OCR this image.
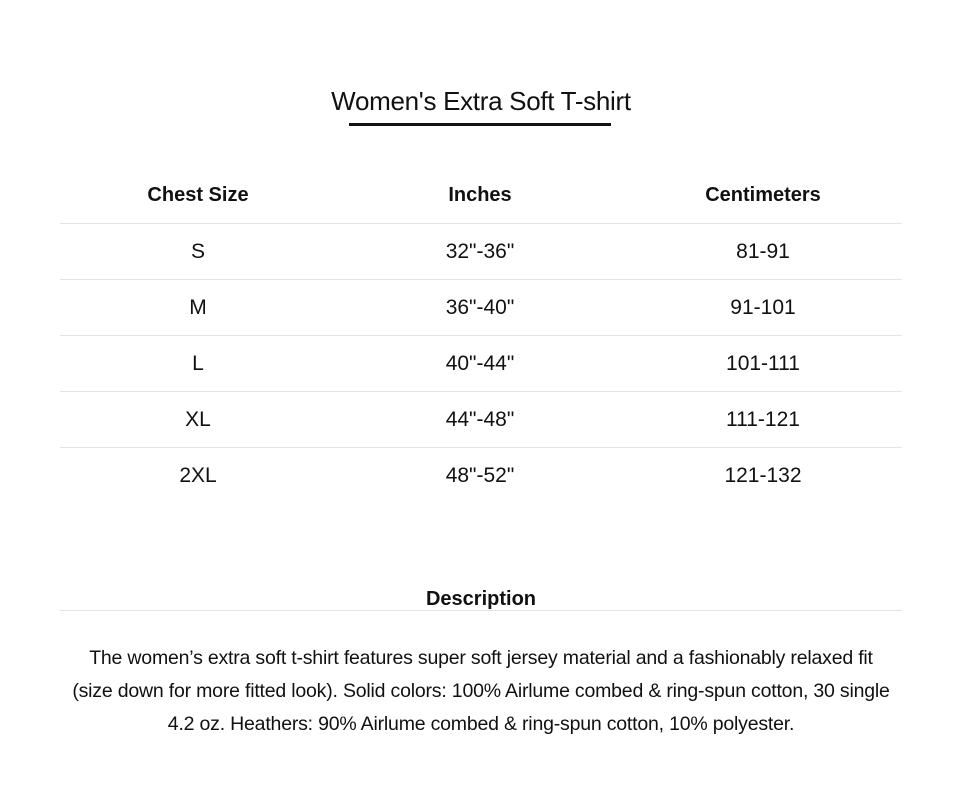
Women's Extra Soft T-shirt
Chest Size	Inches	Centimeters
S	32"-36"	81-91
M	36"-40"	91-101
L	40"-44"	101-111
XL	44"-48"	111-121
2XL	48"-52"	121-132
Description

The women’s extra soft t-shirt features super soft jersey material and a fashionably relaxed fit (size down for more fitted look). Solid colors: 100% Airlume combed & ring-spun cotton, 30 single 4.2 oz. Heathers: 90% Airlume combed & ring-spun cotton, 10% polyester.
